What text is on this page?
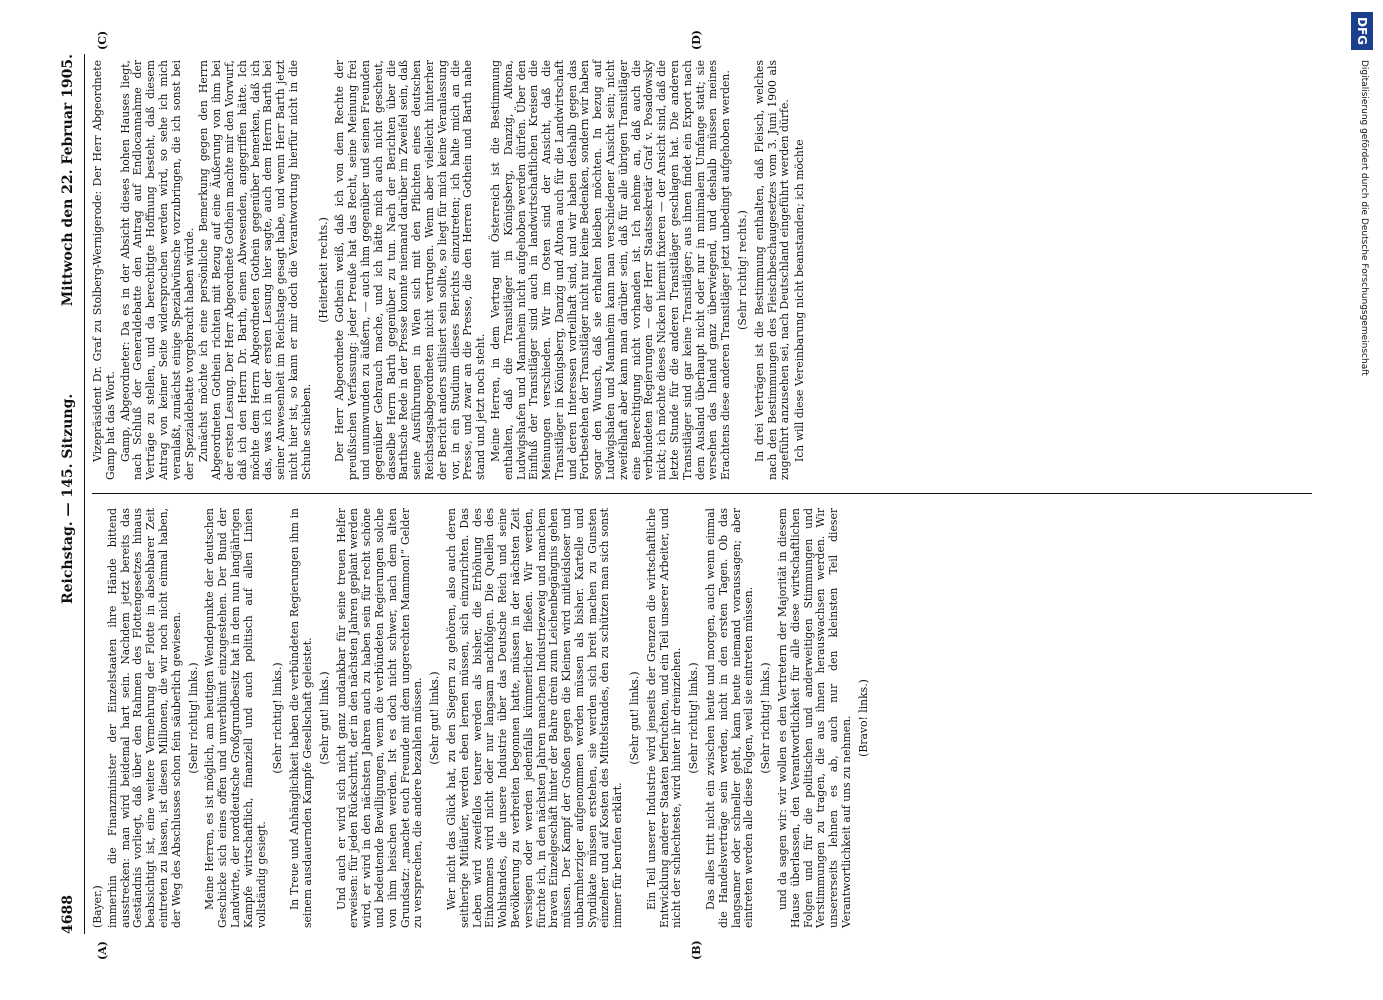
4688
Reichstag. — 145. Sitzung.
Mittwoch den 22. Februar 1905.
(A)	(B)
(C)	(D)

(Bayer.) immerhin die Finanzminister der Einzelstaaten ihre Hände bittend ausstrecken: man wird beidemal hart sein. Nachdem jetzt bereits das Geständnis vorliegt, daß über den Rahmen des Flottengesetzes hinaus beabsichtigt ist, eine weitere Vermehrung der Flotte in absehbarer Zeit eintreten zu lassen, ist diesen Millionen, die wir noch nicht einmal haben, der Weg des Abschlusses schon fein säuberlich gewiesen. (Sehr richtig! links.) Meine Herren, es ist möglich, am heutigen Wendepunkte der deutschen Geschicke sich eines offen und unverblümt einzugestehen. Der Bund der Landwirte, der norddeutsche Großgrundbesitz hat in dem nun langjährigen Kampfe wirtschaftlich, finanziell und auch politisch auf allen Linien vollständig gesiegt.

(Sehr richtig! links.) In Treue und Anhänglichkeit haben die verbündeten Regierungen ihm in seinem ausdauernden Kampfe Gesellschaft geleistet. (Sehr gut! links.) Und auch er wird sich nicht ganz undankbar für seine treuen Helfer erweisen: für jeden Rückschritt, der in den nächsten Jahren geplant werden wird, er wird in den nächsten Jahren auch zu haben sein für recht schöne und bedeutende Bewilligungen, wenn die verbündeten Regierungen solche von ihm heischen werden. Ist es doch nicht schwer, nach dem alten Grundsatz: „machet euch Freunde mit dem ungerechten Mammon!“ Gelder zu versprechen, die andere bezahlen müssen. (Sehr gut! links.) Wer nicht das Glück hat, zu den Siegern zu gehören, also auch deren seitherige Mitläufer, werden eben lernen müssen, sich einzurichten. Das Leben wird zweifellos teurer werden als bisher, die Erhöhung des Einkommens wird nicht oder nur langsam nachfolgen. Die Quellen des Wohlstandes, die unsere Industrie über das Deutsche Reich und seine Bevölkerung zu verbreiten begonnen hatte, müssen in der nächsten Zeit versiegen oder werden jedenfalls kümmerlicher fließen. Wir werden, fürchte ich, in den nächsten Jahren manchem Industriezweig und manchem braven Einzelgeschäft hinter der Bahre drein zum Leichenbegängnis gehen müssen. Der Kampf der Großen gegen die Kleinen wird mitleidsloser und unbarmherziger aufgenommen werden müssen als bisher. Kartelle und Syndikate müssen erstehen, sie werden sich breit machen zu Gunsten einzelner und auf Kosten des Mittelstandes, den zu schützen man sich sonst immer für berufen erklärt.

(Sehr gut! links.) Ein Teil unserer Industrie wird jenseits der Grenzen die wirtschaftliche Entwicklung anderer Staaten befruchten, und ein Teil unserer Arbeiter, und nicht der schlechteste, wird hinter ihr dreinziehen. (Sehr richtig! links.) Das alles tritt nicht ein zwischen heute und morgen, auch wenn einmal die Handelsverträge sein werden, nicht in den ersten Tagen. Ob das langsamer oder schneller geht, kann heute niemand voraussagen; aber eintreten werden alle diese Folgen, weil sie eintreten müssen. (Sehr richtig! links.) und da sagen wir: wir wollen es den Vertretern der Majorität in diesem Hause überlassen, den Verantwortlichkeit für alle diese wirtschaftlichen Folgen und für die politischen und anderweitigen Stimmungen und Verstimmungen zu tragen, die aus ihnen herauswachsen werden. Wir unsererseits lehnen es ab, auch nur den kleinsten Teil dieser Verantwortlichkeit auf uns zu nehmen. (Bravo! links.)

Vizepräsident Dr. Graf zu Stolberg-Wernigerode: Der Herr Abgeordnete Gamp hat das Wort. Gamp, Abgeordneter: Da es in der Absicht dieses hohen Hauses liegt, nach Schluß der Generaldebatte den Antrag auf Endlocannahme der Verträge zu stellen, und da berechtigte Hoffnung besteht, daß diesem Antrag von keiner Seite widersprochen werden wird, so sehe ich mich veranlaßt, zunächst einige Spezialwünsche vorzubringen, die ich sonst bei der Spezialdebatte vorgebracht haben würde. Zunächst möchte ich eine persönliche Bemerkung gegen den Herrn Abgeordneten Gothein richten mit Bezug auf eine Äußerung von ihm bei der ersten Lesung. Der Herr Abgeordnete Gothein machte mir den Vorwurf, daß ich den Herrn Dr. Barth, einen Abwesenden, angegriffen hätte. Ich möchte dem Herrn Abgeordneten Gothein gegenüber bemerken, daß ich das, was ich in der ersten Lesung hier sagte, auch dem Herrn Barth bei seiner Anwesenheit im Reichstage gesagt habe, und wenn Herr Barth jetzt nicht hier ist, so kann er mir doch die Verantwortung hierfür nicht in die Schuhe schieben.

(Heiterkeit rechts.) Der Herr Abgeordnete Gothein weiß, daß ich von dem Rechte der preußischen Verfassung: jeder Preuße hat das Recht, seine Meinung frei und unumwunden zu äußern, — auch ihm gegenüber und seinen Freunden gegenüber Gebrauch mache, und ich hätte mich auch nicht gescheut, dasselbe Herrn Barth gegenüber zu tun. Nach der Berichten über die Barthsche Rede in der Presse konnte niemand darüber im Zweifel sein, daß seine Ausführungen in Wien sich mit den Pflichten eines deutschen Reichstagsabgeordneten nicht vertrugen. Wenn aber vielleicht hinterher der Bericht anders stilisiert sein sollte, so liegt für mich keine Veranlassung vor, in ein Studium dieses Berichts einzutreten; ich halte mich an die Presse, und zwar an die Presse, die den Herren Gothein und Barth nahe stand und jetzt noch steht. Meine Herren, in dem Vertrag mit Österreich ist die Bestimmung enthalten, daß die Transitläger in Königsberg, Danzig, Altona, Ludwigshafen und Mannheim nicht aufgehoben werden dürfen. Über den Einfluß der Transitläger sind auch in landwirtschaftlichen Kreisen die Meinungen verschieden. Wir im Osten sind der Ansicht, daß die Transitläger in Königsberg, Danzig und Altona auch für die Landwirtschaft und deren Interessen vorteilhaft sind, und wir haben deshalb gegen das Fortbestehen der Transitläger nicht nur keine Bedenken, sondern wir haben sogar den Wunsch, daß sie erhalten bleiben möchten. In bezug auf Ludwigshafen und Mannheim kann man verschiedener Ansicht sein; nicht zweifelhaft aber kann man darüber sein, daß für alle übrigen Transitläger eine Berechtigung nicht vorhanden ist. Ich nehme an, daß auch die verbündeten Regierungen — der Herr Staatssekretär Graf v. Posadowsky nickt; ich möchte dieses Nicken hiermit fixieren — der Ansicht sind, daß die letzte Stunde für die anderen Transitläger geschlagen hat. Die anderen Transitläger sind gar keine Transitläger; aus ihnen findet ein Export nach dem Ausland überhaupt nicht oder nur in minimalem Umfange statt; sie versehen das Inland ganz überwiegend, und deshalb müssen meines Erachtens diese anderen Transitläger jetzt unbedingt aufgehoben werden. (Sehr richtig! rechts.) In drei Verträgen ist die Bestimmung enthalten, daß Fleisch, welches nach den Bestimmungen des Fleischbeschaugesetzes vom 3. Juni 1900 als zugeführt anzusehen sei, nach Deutschland eingeführt werden dürfe. Ich will diese Vereinbarung nicht beanstanden; ich möchte

DFG
Digitalisierung gefördert durch die Deutsche Forschungsgemeinschaft
